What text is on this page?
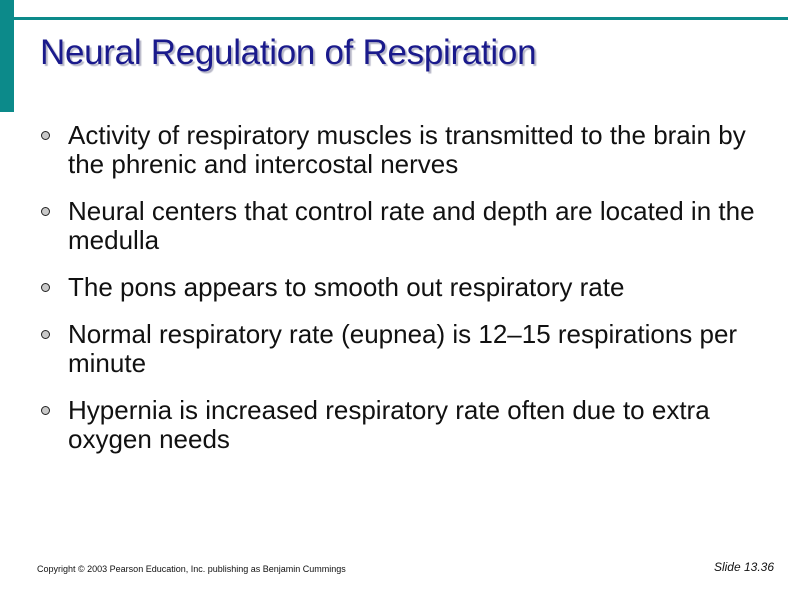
Neural Regulation of Respiration
Activity of respiratory muscles is transmitted to the brain by the phrenic and intercostal nerves
Neural centers that control rate and depth are located in the medulla
The pons appears to smooth out respiratory rate
Normal respiratory rate (eupnea) is 12–15 respirations per minute
Hypernia is increased respiratory rate often due to extra oxygen needs
Copyright © 2003 Pearson Education, Inc. publishing as Benjamin Cummings	Slide 13.36
